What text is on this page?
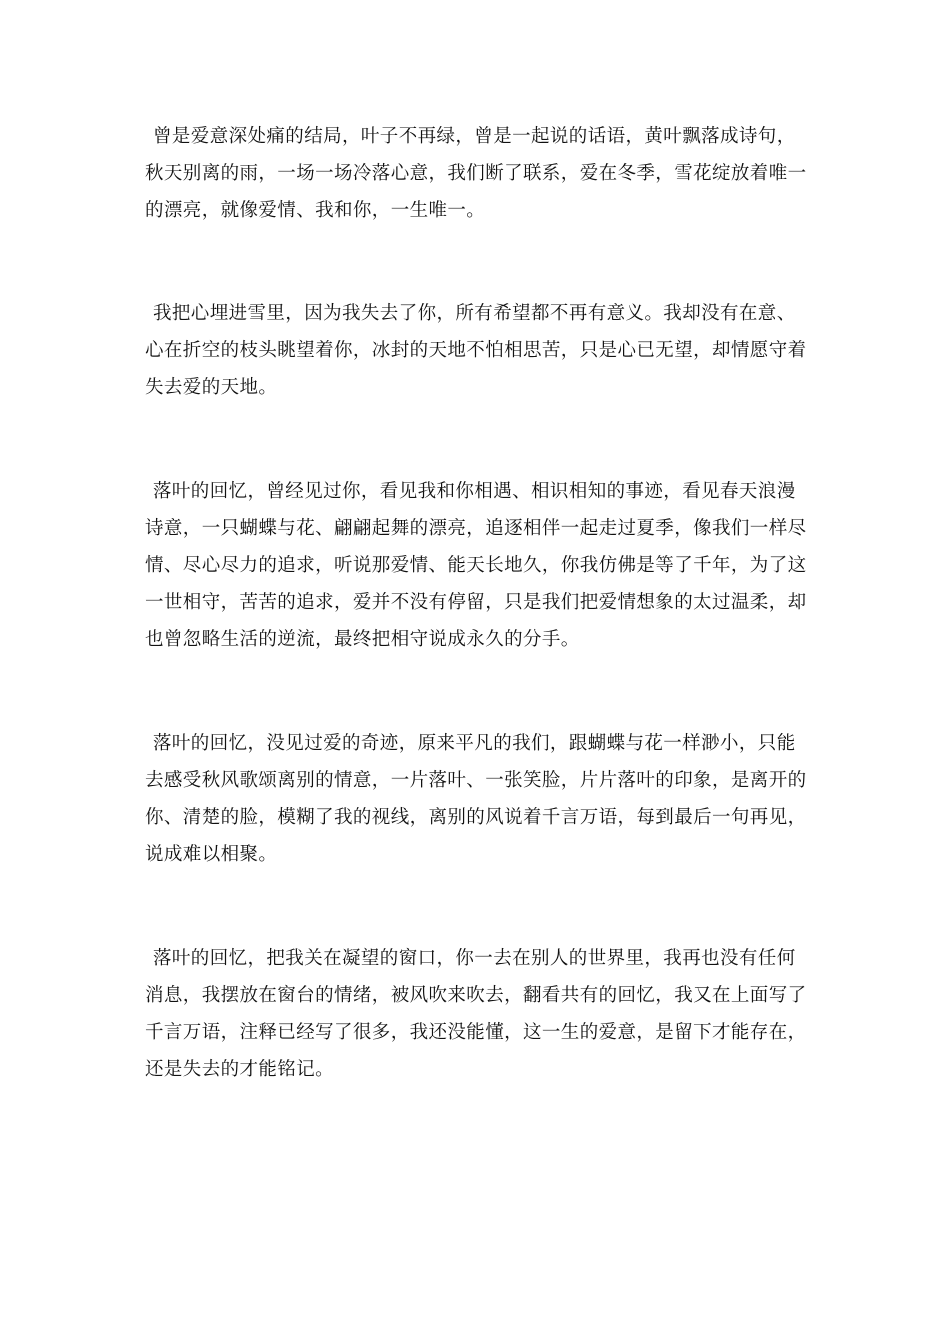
曾是爱意深处痛的结局，叶子不再绿，曾是一起说的话语，黄叶飘落成诗句，秋天别离的雨，一场一场冷落心意，我们断了联系，爱在冬季，雪花绽放着唯一的漂亮，就像爱情、我和你，一生唯一。

我把心埋进雪里，因为我失去了你，所有希望都不再有意义。我却没有在意、心在折空的枝头眺望着你，冰封的天地不怕相思苦，只是心已无望，却情愿守着失去爱的天地。

落叶的回忆，曾经见过你，看见我和你相遇、相识相知的事迹，看见春天浪漫诗意，一只蝴蝶与花、翩翩起舞的漂亮，追逐相伴一起走过夏季，像我们一样尽情、尽心尽力的追求，听说那爱情、能天长地久，你我仿佛是等了千年，为了这一世相守，苦苦的追求，爱并不没有停留，只是我们把爱情想象的太过温柔，却也曾忽略生活的逆流，最终把相守说成永久的分手。

落叶的回忆，没见过爱的奇迹，原来平凡的我们，跟蝴蝶与花一样渺小，只能去感受秋风歌颂离别的情意，一片落叶、一张笑脸，片片落叶的印象，是离开的你、清楚的脸，模糊了我的视线，离别的风说着千言万语，每到最后一句再见，说成难以相聚。

落叶的回忆，把我关在凝望的窗口，你一去在别人的世界里，我再也没有任何消息，我摆放在窗台的情绪，被风吹来吹去，翻看共有的回忆，我又在上面写了千言万语，注释已经写了很多，我还没能懂，这一生的爱意，是留下才能存在，还是失去的才能铭记。
